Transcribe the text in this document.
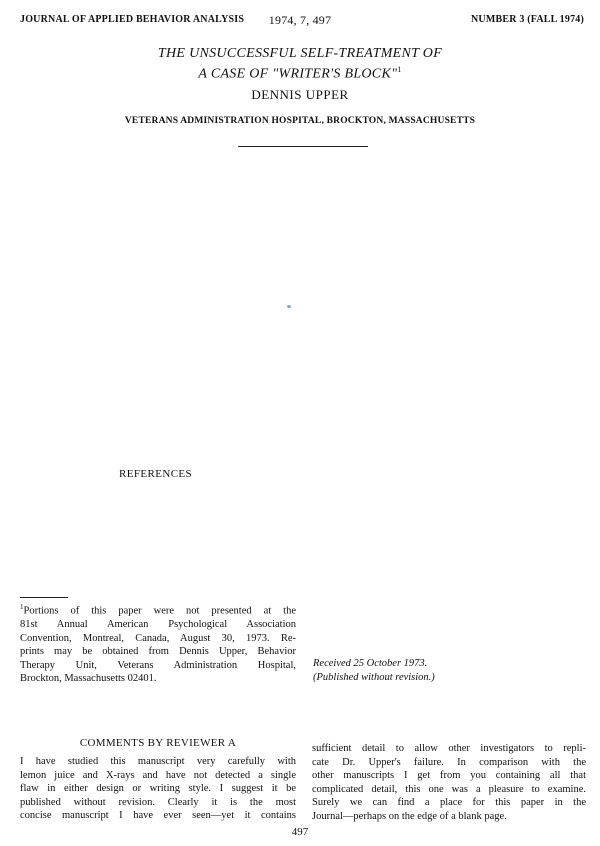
JOURNAL OF APPLIED BEHAVIOR ANALYSIS	1974, 7, 497	NUMBER 3 (FALL 1974)
THE UNSUCCESSFUL SELF-TREATMENT OF
A CASE OF "WRITER'S BLOCK"$^1$
DENNIS UPPER
VETERANS ADMINISTRATION HOSPITAL, BROCKTON, MASSACHUSETTS
REFERENCES
$^1$Portions of this paper were not presented at the
81st Annual American Psychological Association
Convention, Montreal, Canada, August 30, 1973. Re-
prints may be obtained from Dennis Upper, Behavior
Therapy Unit, Veterans Administration Hospital,
Brockton, Massachusetts 02401.
Received 25 October 1973.
(Published without revision.)
COMMENTS BY REVIEWER A
I have studied this manuscript very carefully with
lemon juice and X-rays and have not detected a single
flaw in either design or writing style. I suggest it be
published without revision. Clearly it is the most
concise manuscript I have ever seen—yet it contains
sufficient detail to allow other investigators to repli-
cate Dr. Upper's failure. In comparison with the
other manuscripts I get from you containing all that
complicated detail, this one was a pleasure to examine.
Surely we can find a place for this paper in the
Journal—perhaps on the edge of a blank page.
497
